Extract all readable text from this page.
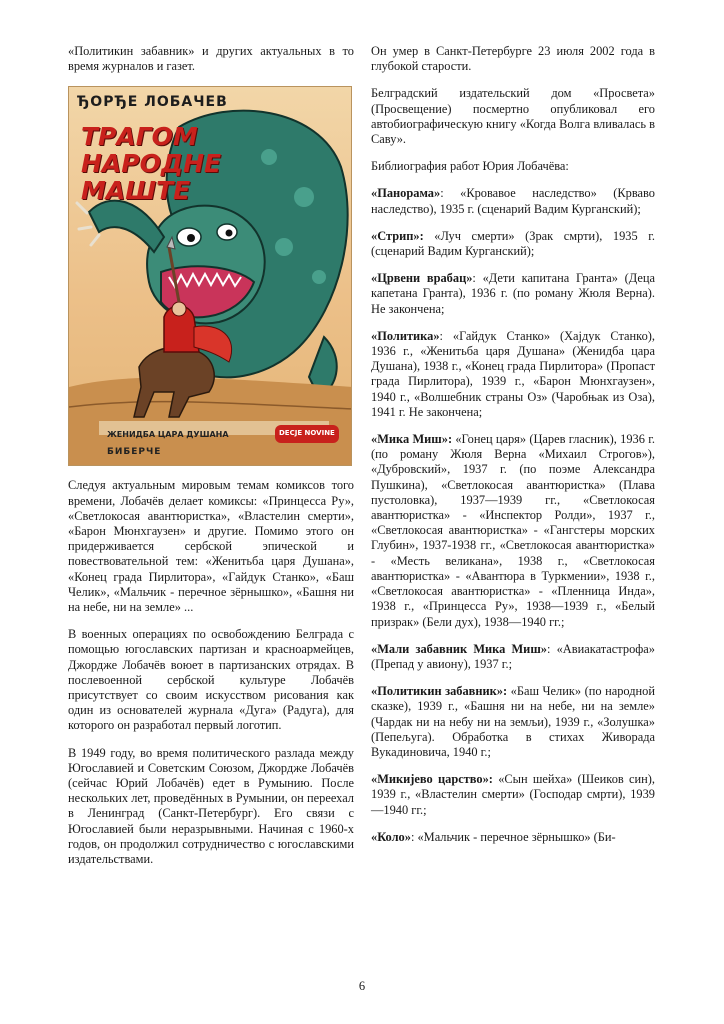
«Политикин забавник» и других актуальных в то время журналов и газет.

ЂОРЂЕ ЛОБАЧЕВ
ТРАГОМ
НАРОДНЕ
МАШТЕ
ЖЕНИДБА ЦАРА ДУШАНА	DECJE NOVINE
БИБЕРЧЕ

Следуя актуальным мировым темам комиксов того времени, Лобачёв делает комиксы: «Принцесса Ру», «Светлокосая авантюристка», «Властелин смерти», «Барон Мюнхгаузен» и другие. Помимо этого он придерживается сербской эпической и повествовательной тем: «Женитьба царя Душана», «Конец града Пирлитора», «Гайдук Станко», «Баш Челик», «Мальчик - перечное зёрнышко», «Башня ни на небе, ни на земле» ...

В военных операциях по освобождению Белграда с помощью югославских партизан и красноармейцев, Джордже Лобачёв воюет в партизанских отрядах. В послевоенной сербской культуре Лобачёв присутствует со своим искусством рисования как один из основателей журнала «Дуга» (Радуга), для которого он разработал первый логотип.

В 1949 году, во время политического разлада между Югославией и Советским Союзом, Джордже Лобачёв (сейчас Юрий Лобачёв) едет в Румынию. После нескольких лет, проведённых в Румынии, он переехал в Ленинград (Санкт-Петербург). Его связи с Югославией были неразрывными. Начиная с 1960-х годов, он продолжил сотрудничество с югославскими издательствами.

Он умер в Санкт-Петербурге 23 июля 2002 года в глубокой старости.

Белградский издательский дом «Просвета» (Просвещение) посмертно опубликовал его автобиографическую книгу «Когда Волга вливалась в Саву».

Библиография работ Юрия Лобачёва:

«Панорама»: «Кровавое наследство» (Крваво наследство), 1935 г. (сценарий Вадим Курганский);

«Стрип»: «Луч смерти» (Зрак смрти), 1935 г. (сценарий Вадим Курганский);

«Црвени врабац»: «Дети капитана Гранта» (Деца капетана Гранта), 1936 г. (по роману Жюля Верна). Не закончена;

«Политика»: «Гайдук Станко» (Хајдук Станко), 1936 г., «Женитьба царя Душана» (Женидба цара Душана), 1938 г., «Конец града Пирлитора» (Пропаст града Пирлитора), 1939 г., «Барон Мюнхгаузен», 1940 г., «Волшебник страны Оз» (Чаробњак из Оза), 1941 г. Не закончена;

«Мика Миш»: «Гонец царя» (Царев гласник), 1936 г. (по роману Жюля Верна «Михаил Строгов»), «Дубровский», 1937 г. (по поэме Александра Пушкина), «Светлокосая авантюристка» (Плава пустоловка), 1937—1939 гг., «Светлокосая авантюристка» - «Инспектор Ролди», 1937 г., «Светлокосая авантюристка» - «Гангстеры морских Глубин», 1937-1938 гг., «Светлокосая авантюристка» - «Месть великана», 1938 г., «Светлокосая авантюристка» - «Авантюра в Туркмении», 1938 г., «Светлокосая авантюристка» - «Пленница Инда», 1938 г., «Принцесса Ру», 1938—1939 г., «Белый призрак» (Бели дух), 1938—1940 гг.;

«Мали забавник Мика Миш»: «Авиакатастрофа» (Препад у авиону), 1937 г.;

«Политикин забавник»: «Баш Челик» (по народной сказке), 1939 г., «Башня ни на небе, ни на земле» (Чардак ни на небу ни на земљи), 1939 г., «Золушка» (Пепељуга). Обработка в стихах Живорада Вукадиновича, 1940 г.;

«Микијево царство»: «Сын шейха» (Шеиков син), 1939 г., «Властелин смерти» (Господар смрти), 1939—1940 гг.;

«Коло»: «Мальчик - перечное зёрнышко» (Би-

6
